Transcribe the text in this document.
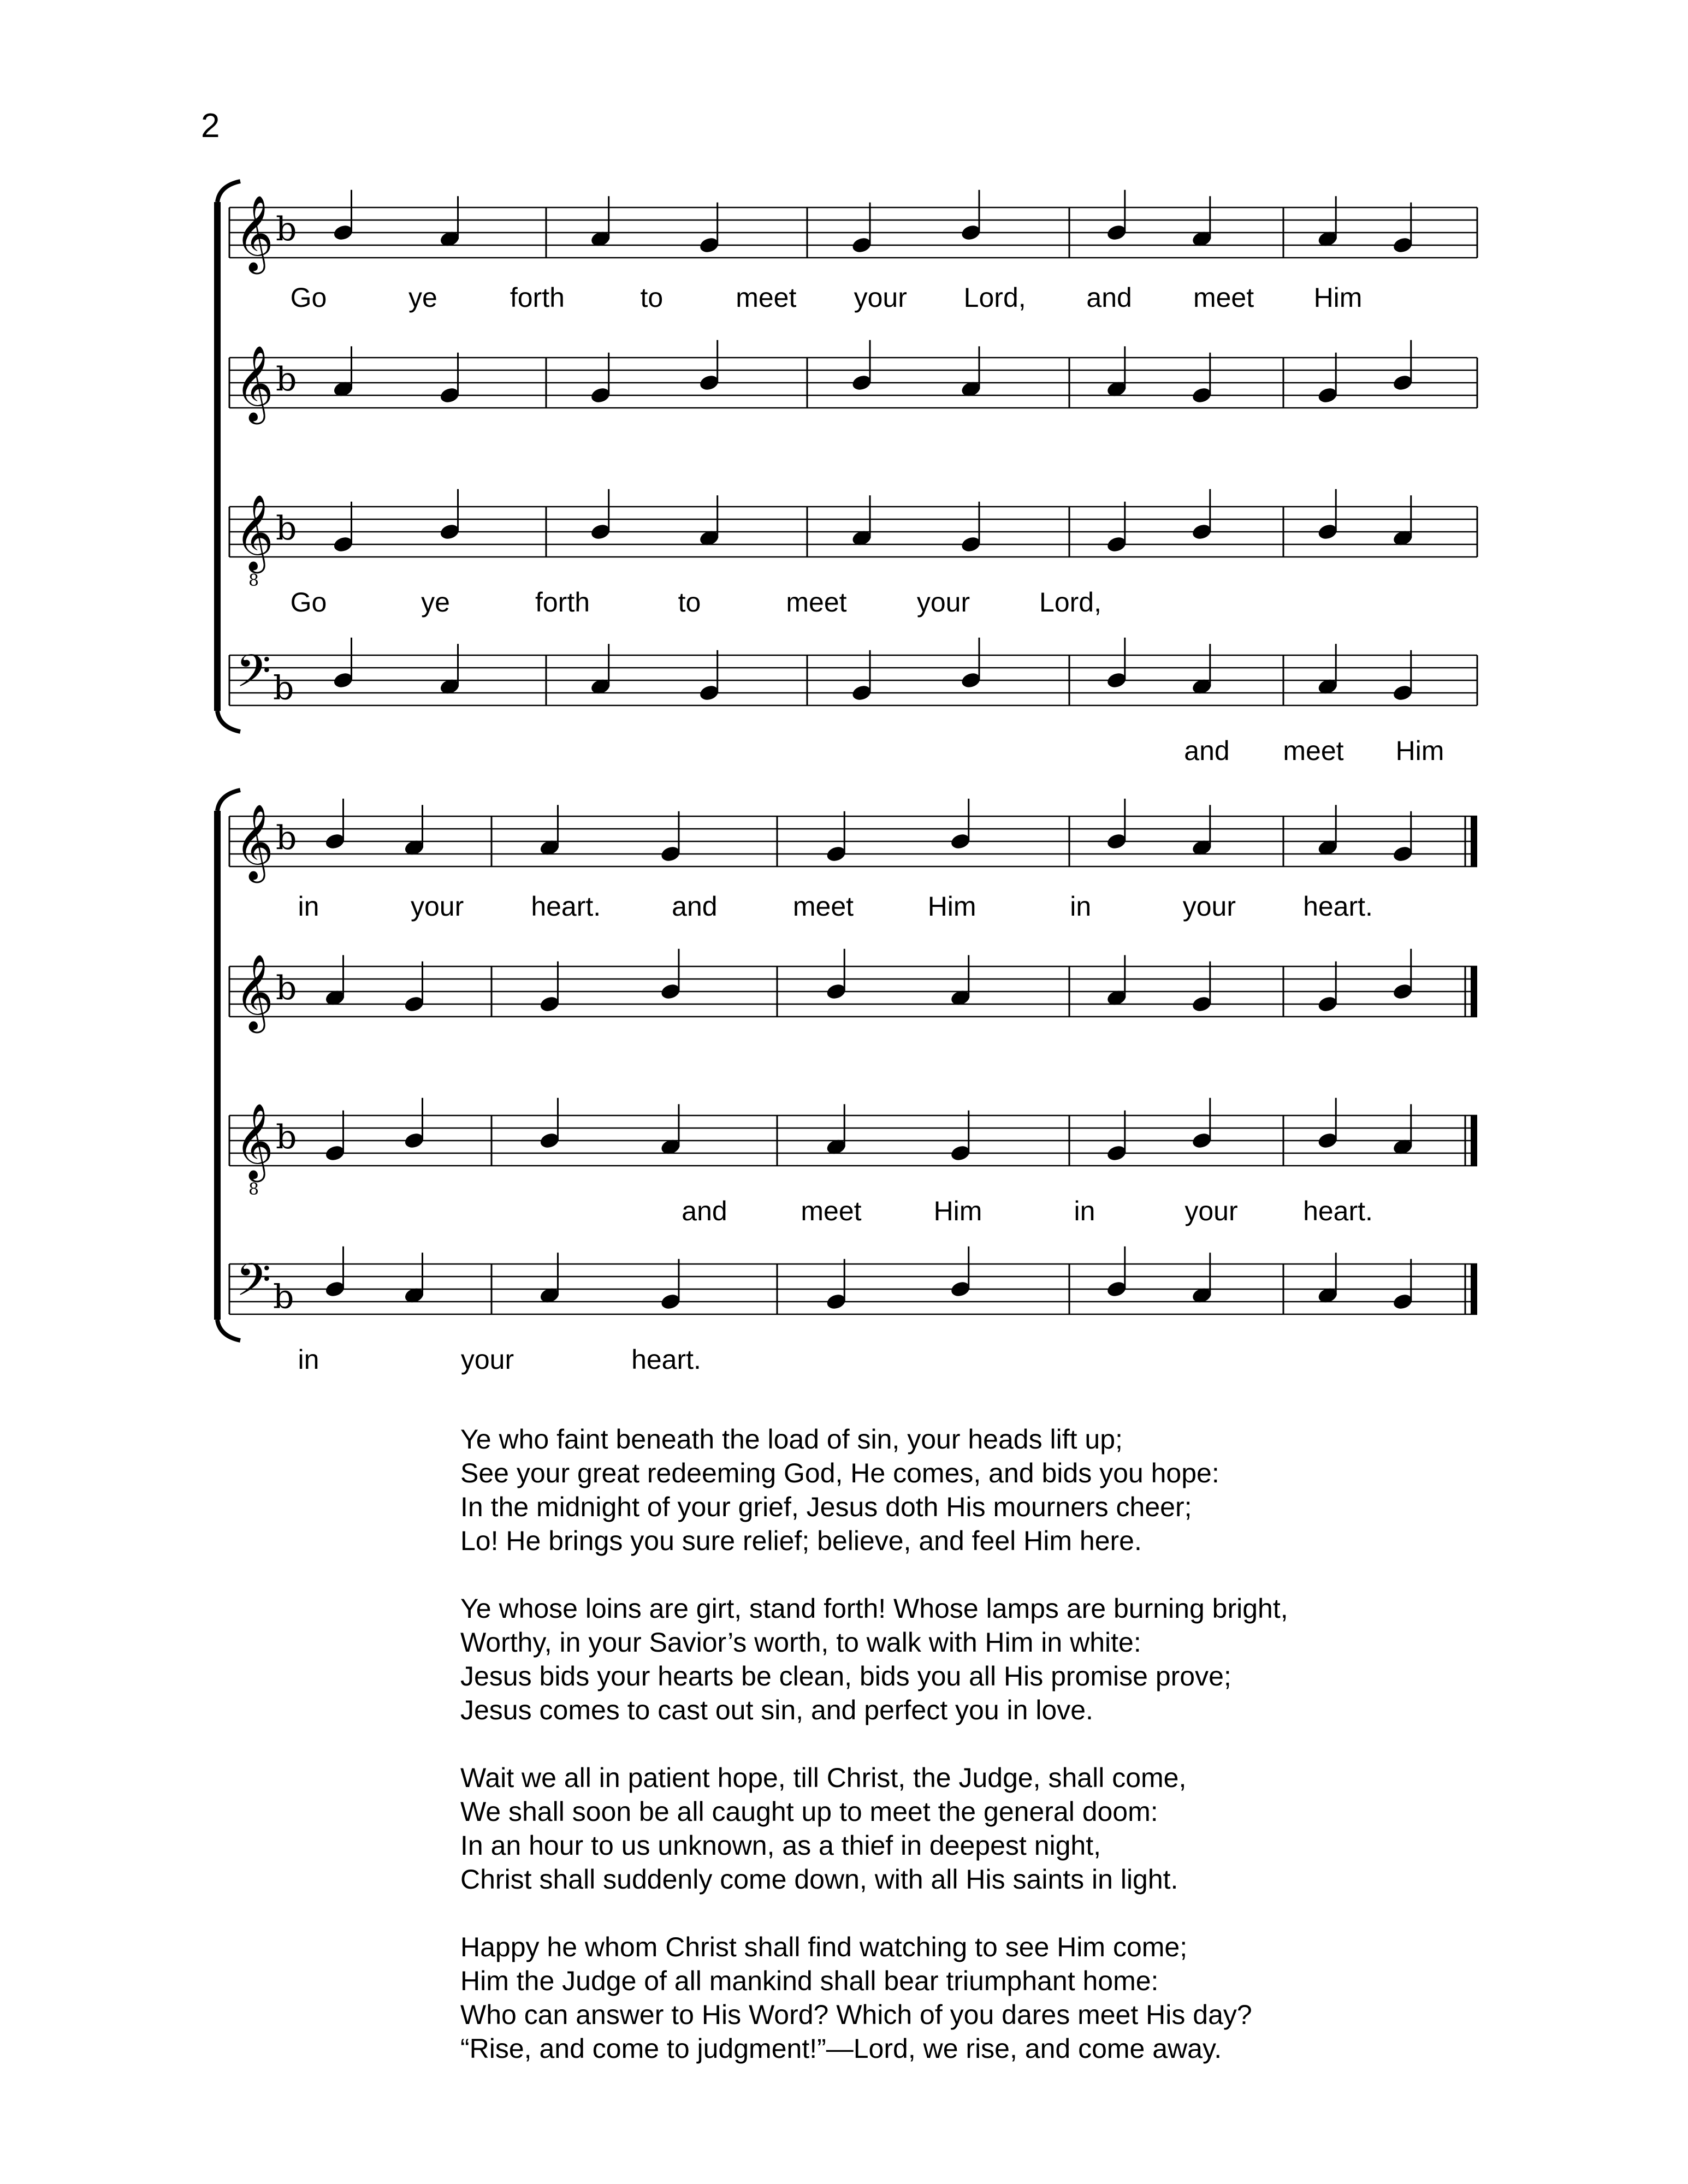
2
𝄞 b
𝄞 b
𝄞
8
b
𝄢 b
Go	ye	forth	to	meet your Lord, and meet Him
Go	ye	forth	to	meet	your	Lord,
and meet Him
𝄞 b
𝄞 b
𝄞
8
b
𝄢 b
in	your heart.	and	meet	Him	in	your heart.
and	meet	Him	in	your heart.
in	your	heart.
Ye who faint beneath the load of sin, your heads lift up;
See your great redeeming God, He comes, and bids you hope:
In the midnight of your grief, Jesus doth His mourners cheer;
Lo! He brings you sure relief; believe, and feel Him here.
Ye whose loins are girt, stand forth! Whose lamps are burning bright,
Worthy, in your Savior’s worth, to walk with Him in white:
Jesus bids your hearts be clean, bids you all His promise prove;
Jesus comes to cast out sin, and perfect you in love.
Wait we all in patient hope, till Christ, the Judge, shall come,
We shall soon be all caught up to meet the general doom:
In an hour to us unknown, as a thief in deepest night,
Christ shall suddenly come down, with all His saints in light.
Happy he whom Christ shall find watching to see Him come;
Him the Judge of all mankind shall bear triumphant home:
Who can answer to His Word? Which of you dares meet His day?
“Rise, and come to judgment!”—Lord, we rise, and come away.
